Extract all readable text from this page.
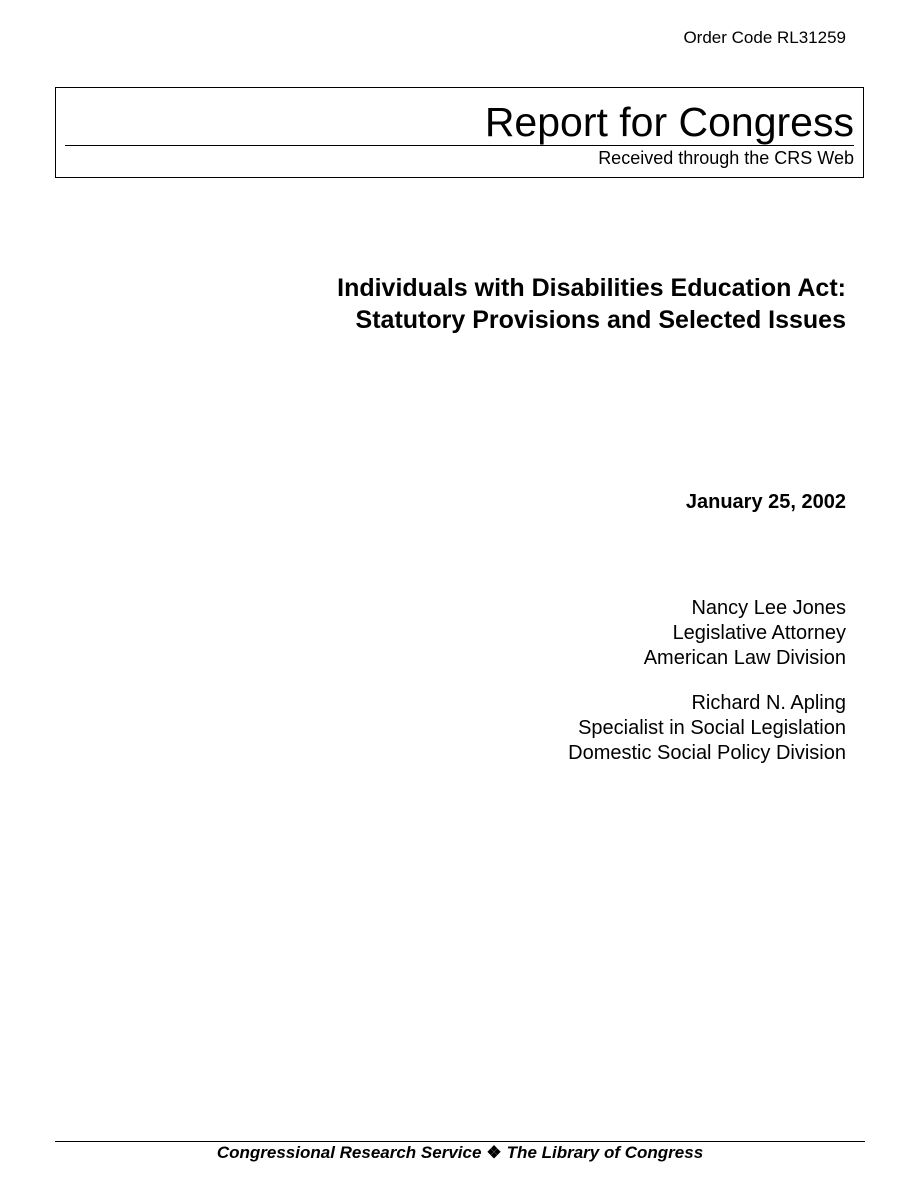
Order Code RL31259
Report for Congress
Received through the CRS Web
Individuals with Disabilities Education Act:
Statutory Provisions and Selected Issues
January 25, 2002
Nancy Lee Jones
Legislative Attorney
American Law Division
Richard N. Apling
Specialist in Social Legislation
Domestic Social Policy Division
Congressional Research Service ❖ The Library of Congress
